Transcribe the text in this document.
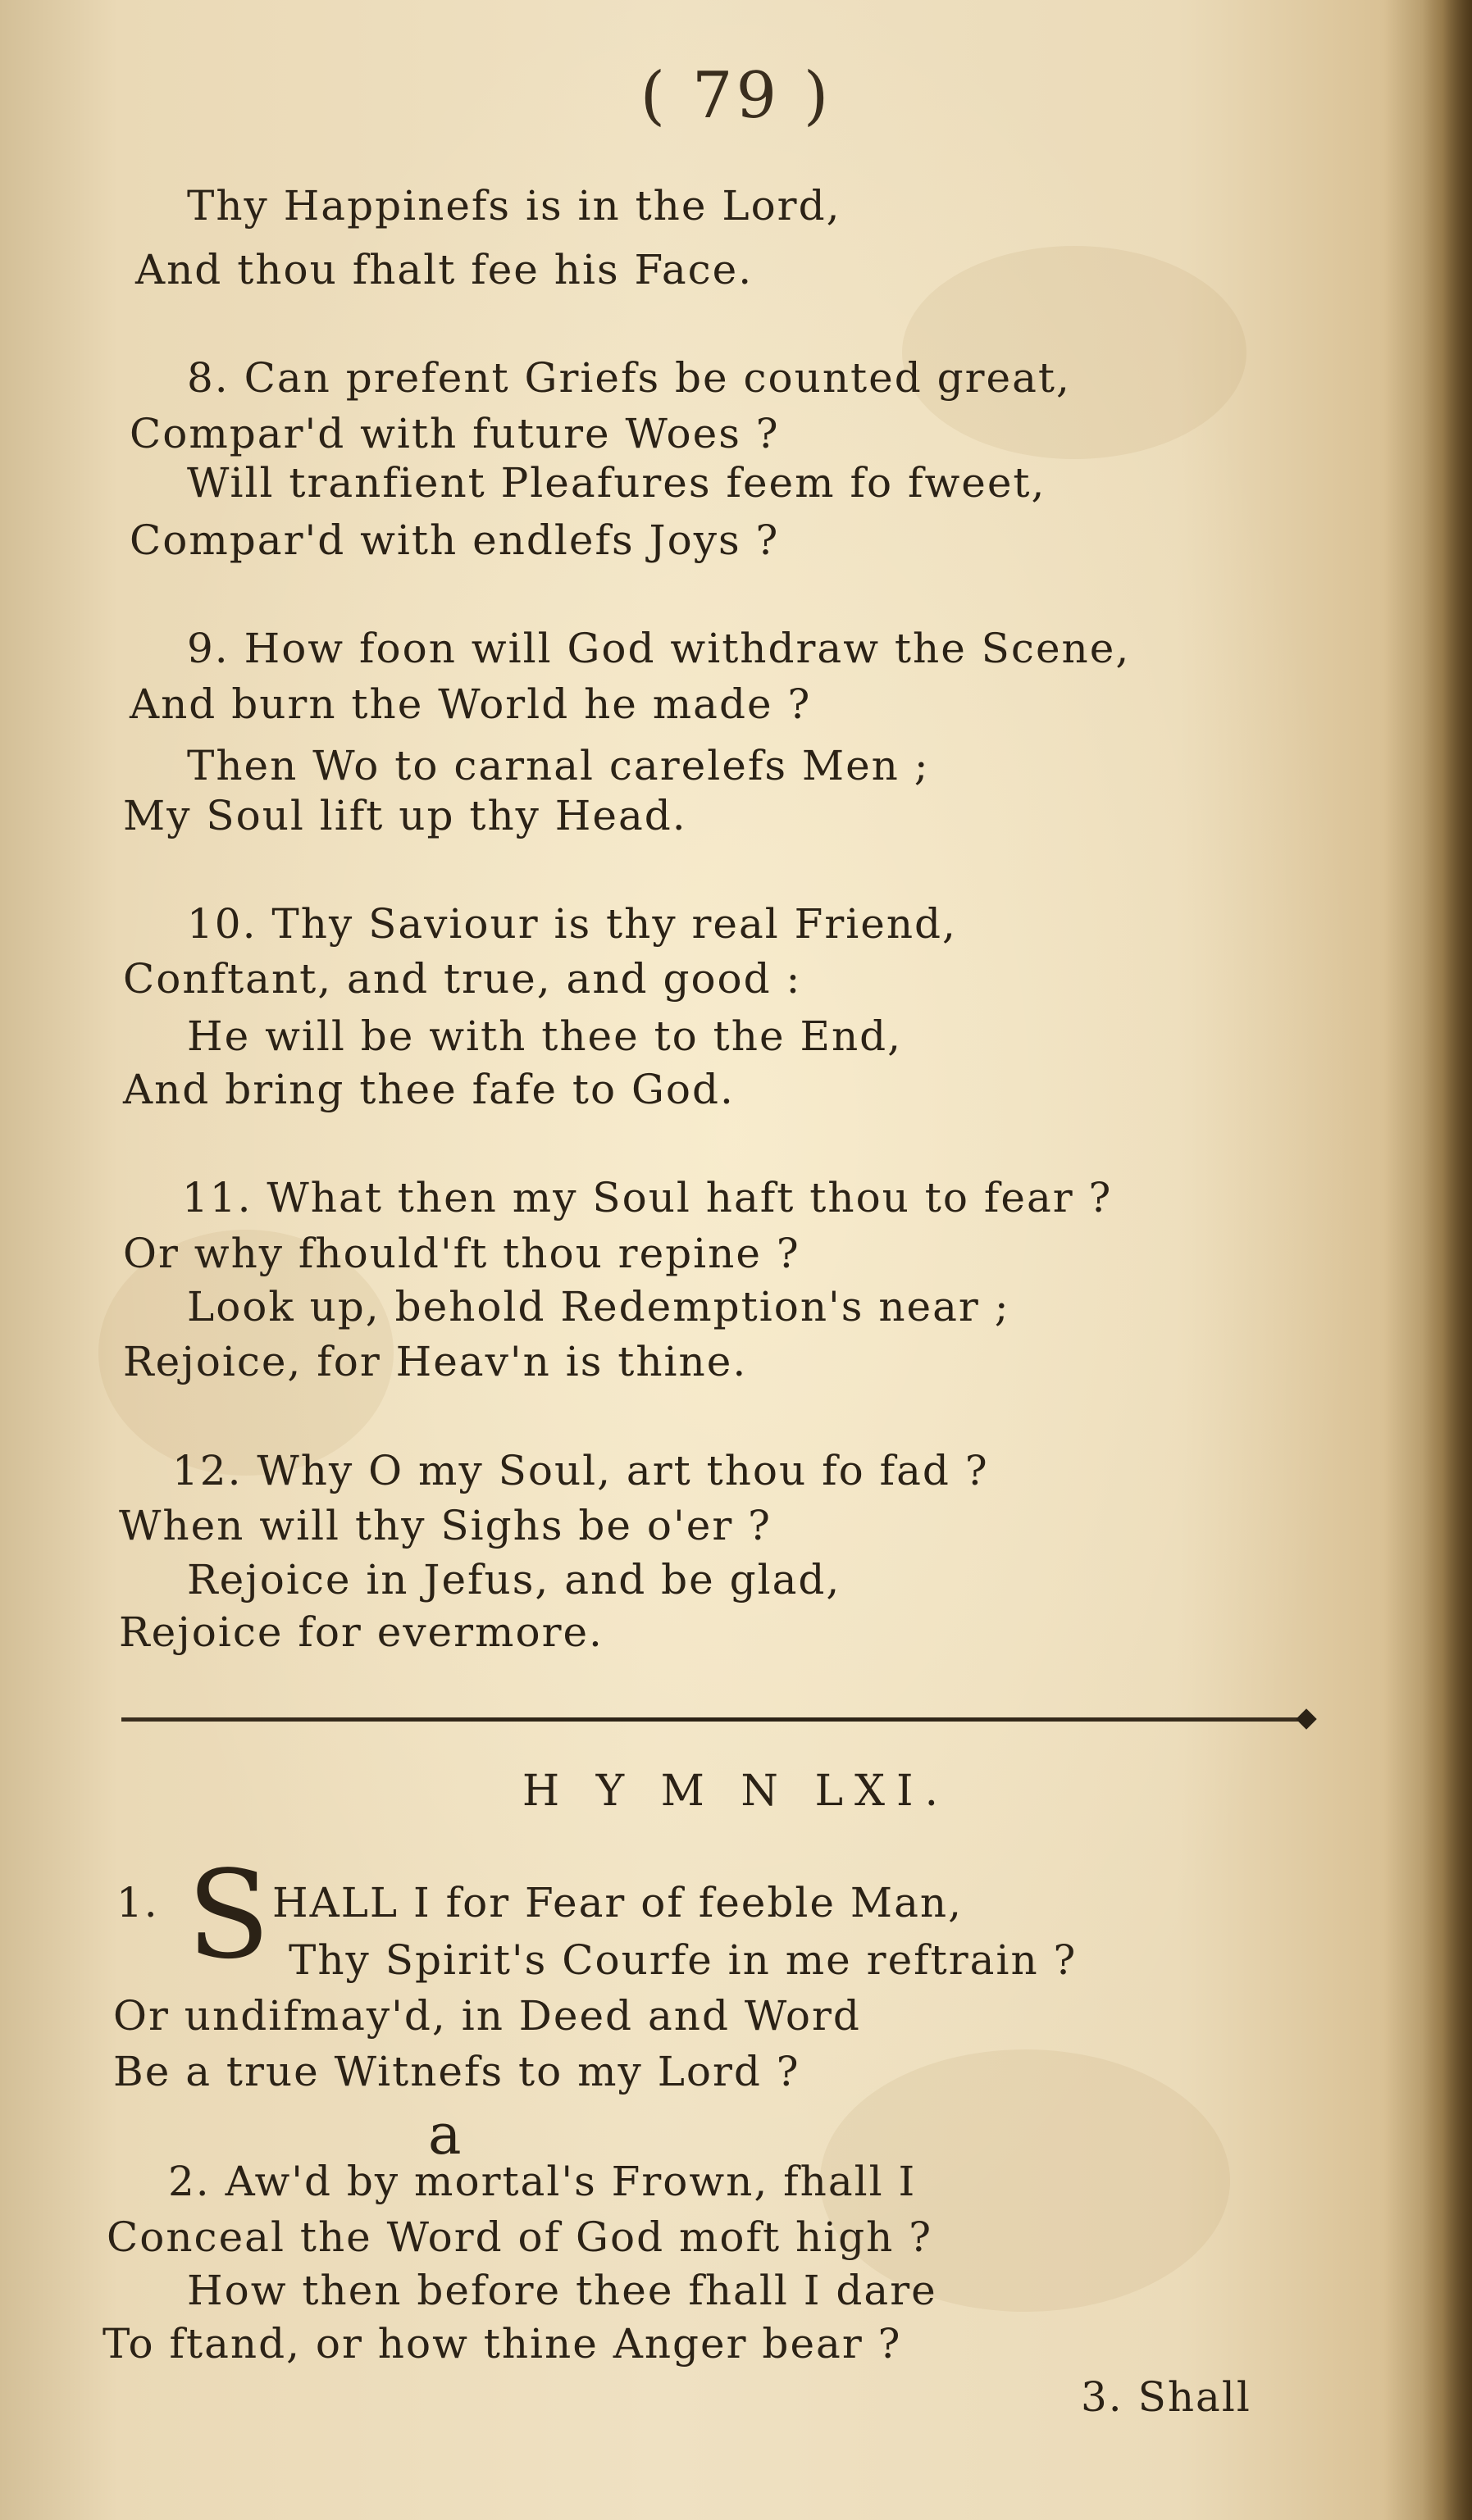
( 79 )
Thy Happinefs is in the Lord,
And thou fhalt fee his Face.
8. Can prefent Griefs be counted great,
Compar'd with future Woes ?
Will tranfient Pleafures feem fo fweet,
Compar'd with endlefs Joys ?
9. How foon will God withdraw the Scene,
And burn the World he made ?
Then Wo to carnal carelefs Men ;
My Soul lift up thy Head.
10. Thy Saviour is thy real Friend,
Conftant, and true, and good :
He will be with thee to the End,
And bring thee fafe to God.
11. What then my Soul haft thou to fear ?
Or why fhould'ft thou repine ?
Look up, behold Redemption's near ;
Rejoice, for Heav'n is thine.
12. Why O my Soul, art thou fo fad ?
When will thy Sighs be o'er ?
Rejoice in Jefus, and be glad,
Rejoice for evermore.
H Y M N LXI.
1. S HALL I for Fear of feeble Man,
Thy Spirit's Courfe in me reftrain ?
Or undifmay'd, in Deed and Word
Be a true Witnefs to my Lord ?
a
2. Aw'd by mortal's Frown, fhall I
Conceal the Word of God moft high ?
How then before thee fhall I dare
To ftand, or how thine Anger bear ?
3. Shall
